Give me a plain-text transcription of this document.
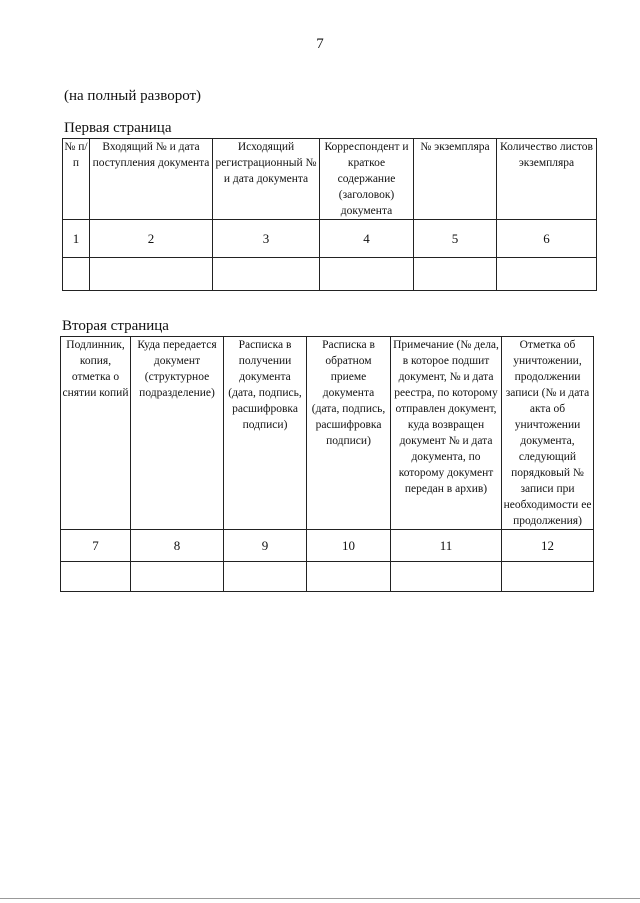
7
(на полный разворот)
Первая страница
№ п/п	Входящий № и дата поступления документа	Исходящий регистрационный № и дата документа	Корреспондент и краткое содержание (заголовок) документа	№ экземпляра	Количество листов экземпляра
1	2	3	4	5	6

Вторая страница
Подлинник, копия, отметка о снятии копий	Куда передается документ (структурное подразделение)	Расписка в получении документа (дата, подпись, расшифровка подписи)	Расписка в обратном приеме документа (дата, подпись, расшифровка подписи)	Примечание (№ дела, в которое подшит документ, № и дата реестра, по которому отправлен документ, куда возвращен документ № и дата документа, по которому документ передан в архив)	Отметка об уничтожении, продолжении записи (№ и дата акта об уничтожении документа, следующий порядковый № записи при необходимости ее продолжения)
7	8	9	10	11	12
